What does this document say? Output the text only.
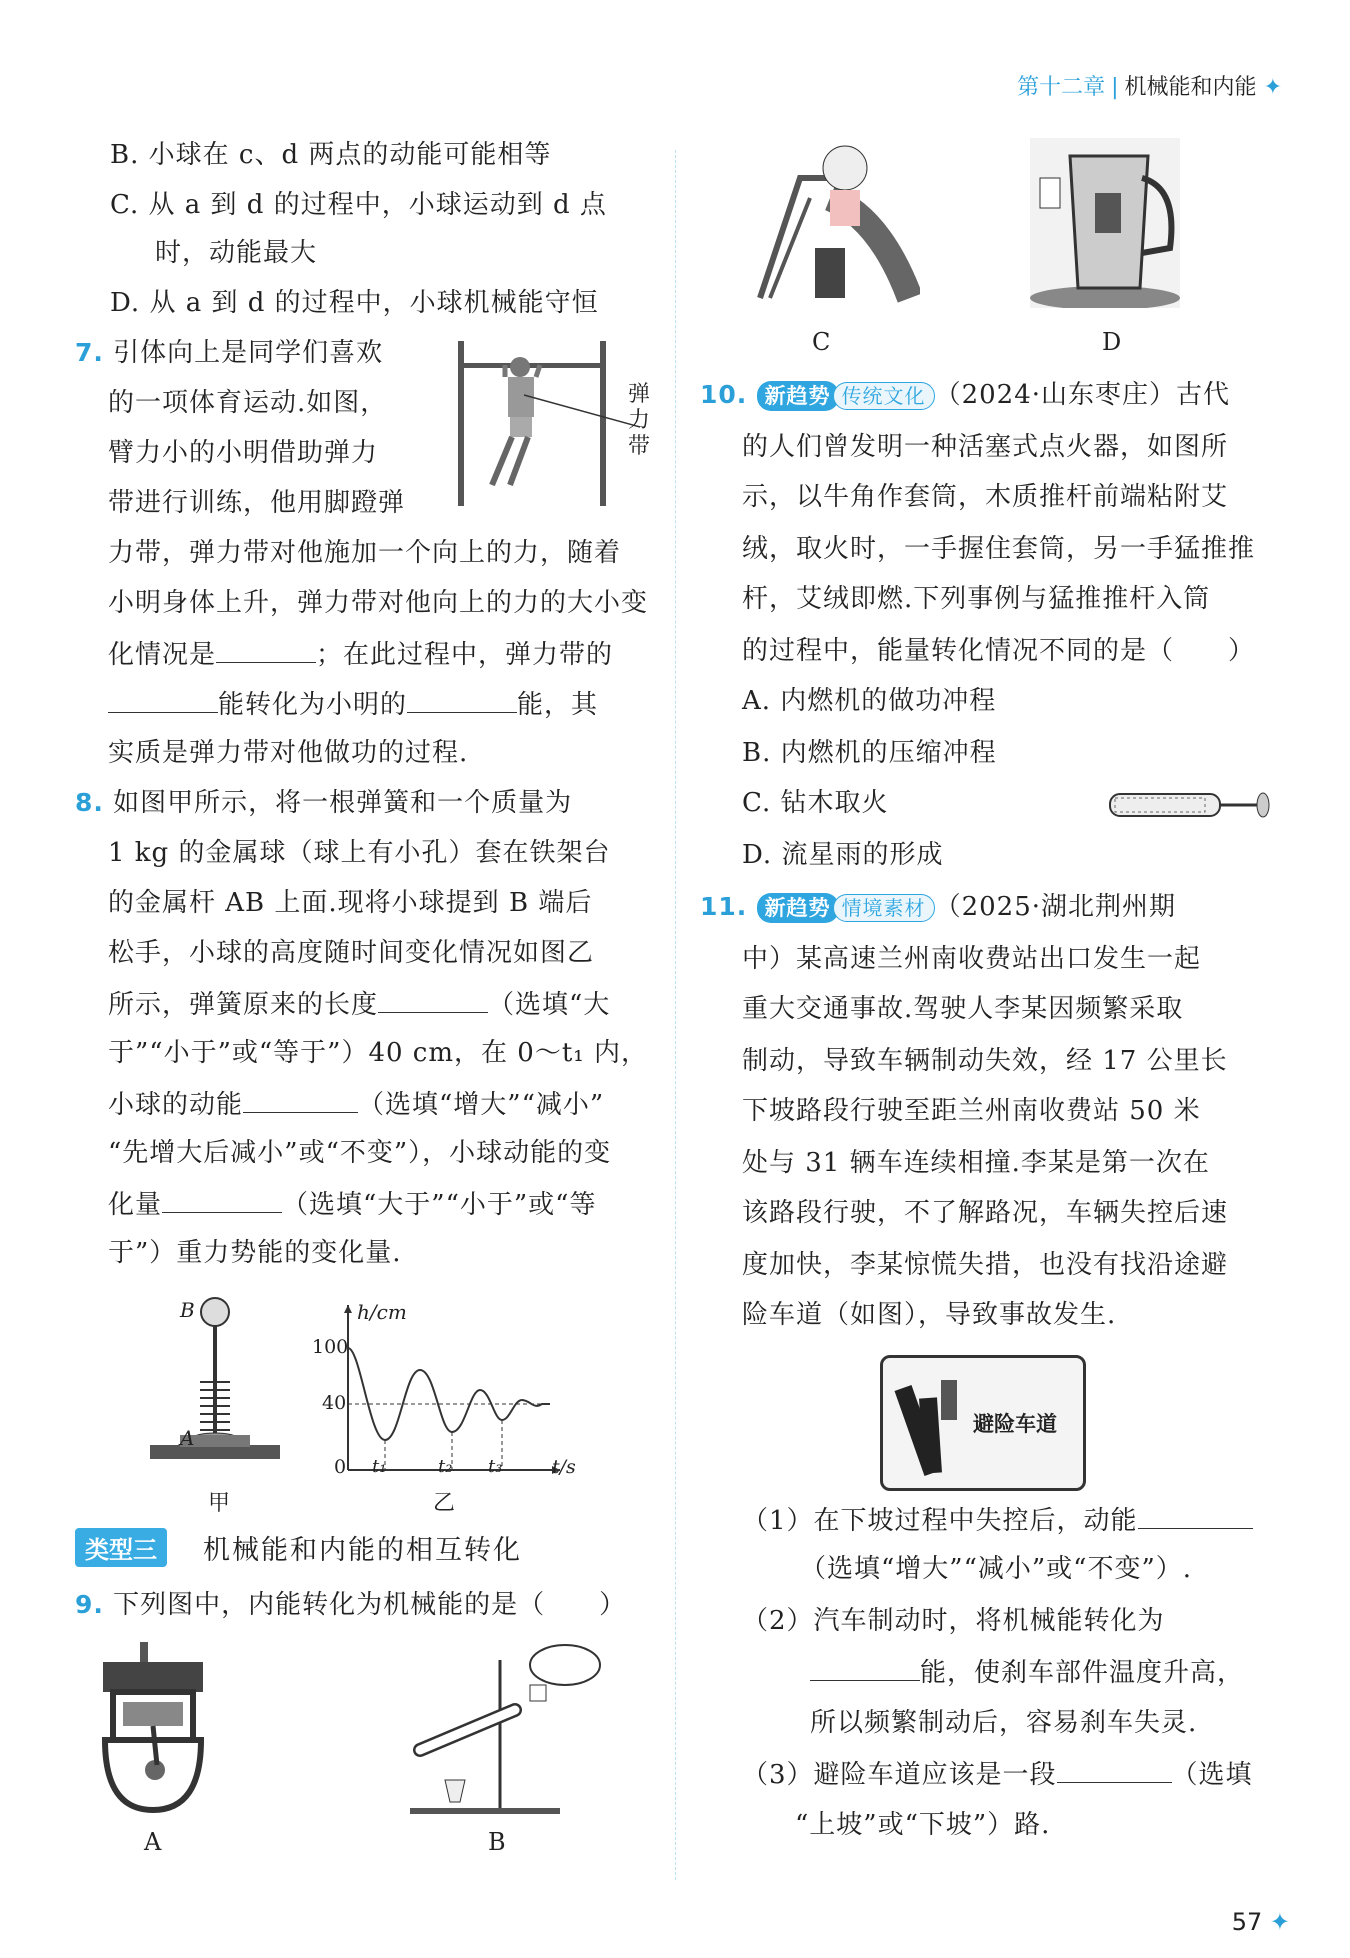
第十二章 | 机械能和内能 ✦
B. 小球在 c、d 两点的动能可能相等
C. 从 a 到 d 的过程中，小球运动到 d 点
时，动能最大
D. 从 a 到 d 的过程中，小球机械能守恒
7. 引体向上是同学们喜欢
的一项体育运动.如图，
臂力小的小明借助弹力
带进行训练，他用脚蹬弹
力带，弹力带对他施加一个向上的力，随着
小明身体上升，弹力带对他向上的力的大小变
化情况是	；在此过程中，弹力带的
能转化为小明的	能，其
实质是弹力带对他做功的过程.
弹
力
带
8. 如图甲所示，将一根弹簧和一个质量为
1 kg 的金属球（球上有小孔）套在铁架台
的金属杆 AB 上面.现将小球提到 B 端后
松手，小球的高度随时间变化情况如图乙
所示，弹簧原来的长度	（选填“大
于”“小于”或“等于”）40 cm，在 0～t₁ 内，
小球的动能	（选填“增大”“减小”
“先增大后减小”或“不变”），小球动能的变
化量	（选填“大于”“小于”或“等
于”）重力势能的变化量.
B
A
甲
h/cm
100
40
0 t₁	t₂ t₃	t/s
乙
类型三	机械能和内能的相互转化
9. 下列图中，内能转化为机械能的是（　　）
A	B
C	D
10. 新趋势 传统文化 （2024·山东枣庄）古代
的人们曾发明一种活塞式点火器，如图所
示，以牛角作套筒，木质推杆前端粘附艾
绒，取火时，一手握住套筒，另一手猛推推
杆，艾绒即燃.下列事例与猛推推杆入筒
的过程中，能量转化情况不同的是（　　）
A. 内燃机的做功冲程
B. 内燃机的压缩冲程
C. 钻木取火
D. 流星雨的形成
11. 新趋势 情境素材 （2025·湖北荆州期
中）某高速兰州南收费站出口发生一起
重大交通事故.驾驶人李某因频繁采取
制动，导致车辆制动失效，经 17 公里长
下坡路段行驶至距兰州南收费站 50 米
处与 31 辆车连续相撞.李某是第一次在
该路段行驶，不了解路况，车辆失控后速
度加快，李某惊慌失措，也没有找沿途避
险车道（如图），导致事故发生.
避险车道
（1）在下坡过程中失控后，动能
（选填“增大”“减小”或“不变”）.
（2）汽车制动时，将机械能转化为
能，使刹车部件温度升高，
所以频繁制动后，容易刹车失灵.
（3）避险车道应该是一段	（选填
“上坡”或“下坡”）路.
57 ✦
